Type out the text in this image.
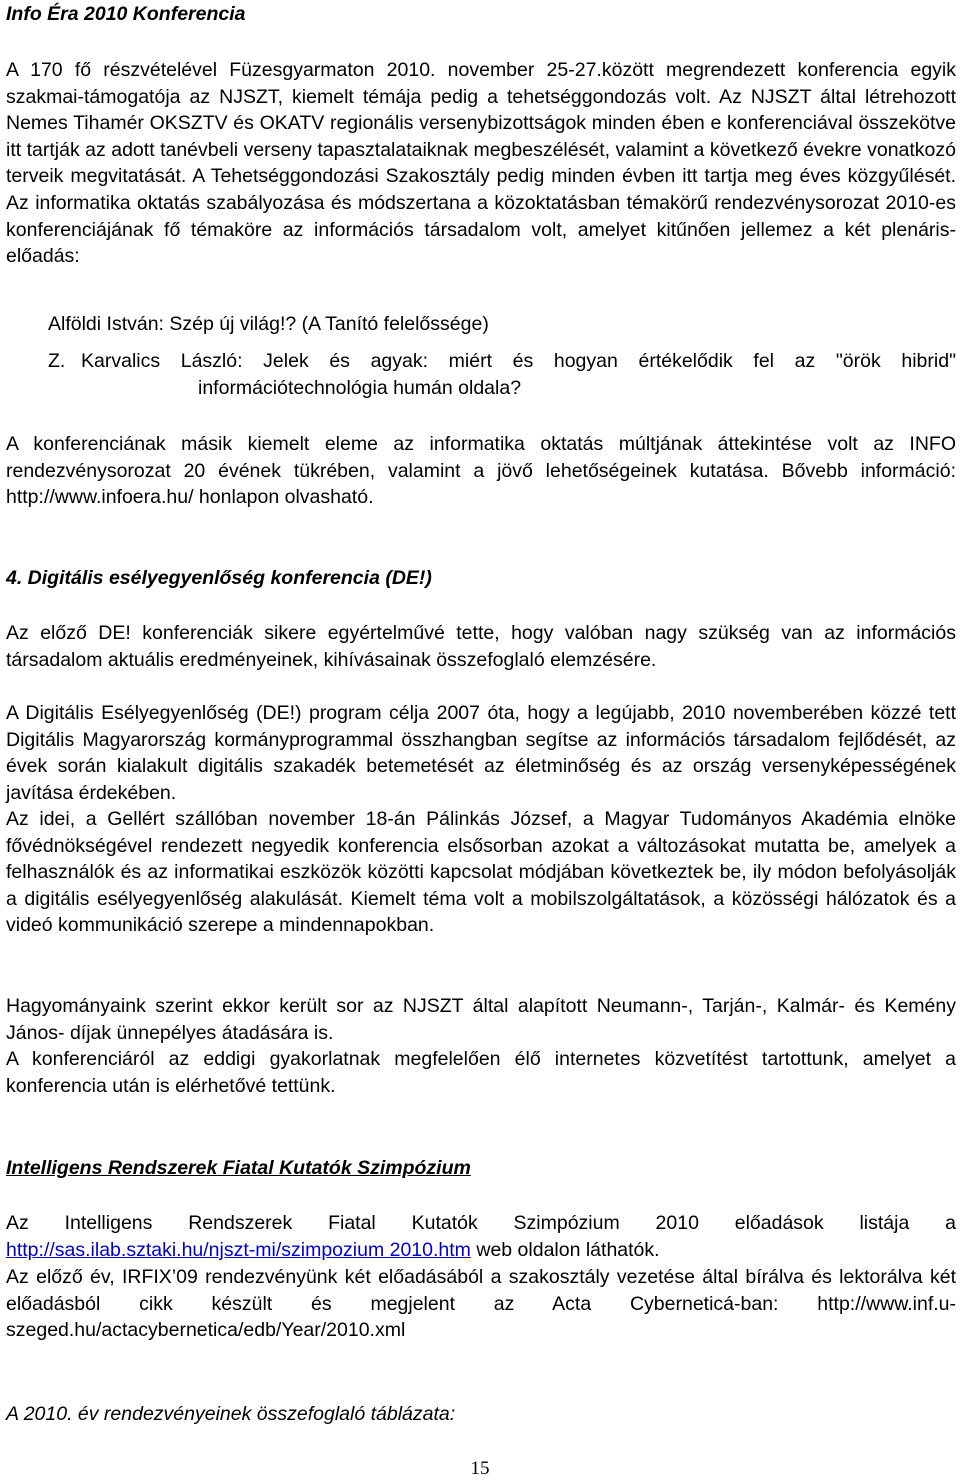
Info Éra 2010 Konferencia

A 170 fő részvételével Füzesgyarmaton 2010. november 25-27.között megrendezett konferencia egyik szakmai-támogatója az NJSZT, kiemelt témája pedig a tehetséggondozás volt. Az NJSZT által létrehozott Nemes Tihamér OKSZTV és OKATV regionális versenybizottságok minden ében e konferenciával összekötve itt tartják az adott tanévbeli verseny tapasztalataiknak megbeszélését, valamint a következő évekre vonatkozó terveik megvitatását. A Tehetséggondozási Szakosztály pedig minden évben itt tartja meg éves közgyűlését. Az informatika oktatás szabályozása és módszertana a közoktatásban témakörű rendezvénysorozat 2010-es konferenciájának fő témaköre az információs társadalom volt, amelyet kitűnően jellemez a két plenáris-előadás:

Alföldi István: Szép új világ!? (A Tanító felelőssége)

Z. Karvalics László: Jelek és agyak: miért és hogyan értékelődik fel az "örök hibrid"

információtechnológia humán oldala?

A konferenciának másik kiemelt eleme az informatika oktatás múltjának áttekintése volt az INFO rendezvénysorozat 20 évének tükrében, valamint a jövő lehetőségeinek kutatása. Bővebb információ: http://www.infoera.hu/ honlapon olvasható.

4. Digitális esélyegyenlőség konferencia (DE!)

Az előző DE! konferenciák sikere egyértelművé tette, hogy valóban nagy szükség van az információs társadalom aktuális eredményeinek, kihívásainak összefoglaló elemzésére.

A Digitális Esélyegyenlőség (DE!) program célja 2007 óta, hogy a legújabb, 2010 novemberében közzé tett Digitális Magyarország kormányprogrammal összhangban segítse az információs társadalom fejlődését, az évek során kialakult digitális szakadék betemetését az életminőség és az ország versenyképességének javítása érdekében.

Az idei, a Gellért szállóban november 18-án Pálinkás József, a Magyar Tudományos Akadémia elnöke fővédnökségével rendezett negyedik konferencia elsősorban azokat a változásokat mutatta be, amelyek a felhasználók és az informatikai eszközök közötti kapcsolat módjában következtek be, ily módon befolyásolják a digitális esélyegyenlőség alakulását. Kiemelt téma volt a mobilszolgáltatások, a közösségi hálózatok és a videó kommunikáció szerepe a mindennapokban.

Hagyományaink szerint ekkor került sor az NJSZT által alapított Neumann-, Tarján-, Kalmár- és Kemény János- díjak ünnepélyes átadására is.

A konferenciáról az eddigi gyakorlatnak megfelelően élő internetes közvetítést tartottunk, amelyet a konferencia után is elérhetővé tettünk.

Intelligens Rendszerek Fiatal Kutatók Szimpózium

Az Intelligens Rendszerek Fiatal Kutatók Szimpózium 2010 előadások listája a

http://sas.ilab.sztaki.hu/njszt-mi/szimpozium 2010.htm web oldalon láthatók.

Az előző év, IRFIX’09 rendezvényünk két előadásából a szakosztály vezetése által bírálva és lektorálva két előadásból cikk készült és megjelent az Acta Cyberneticá-ban: http://www.inf.u-szeged.hu/actacybernetica/edb/Year/2010.xml

A 2010. év rendezvényeinek összefoglaló táblázata:
15
